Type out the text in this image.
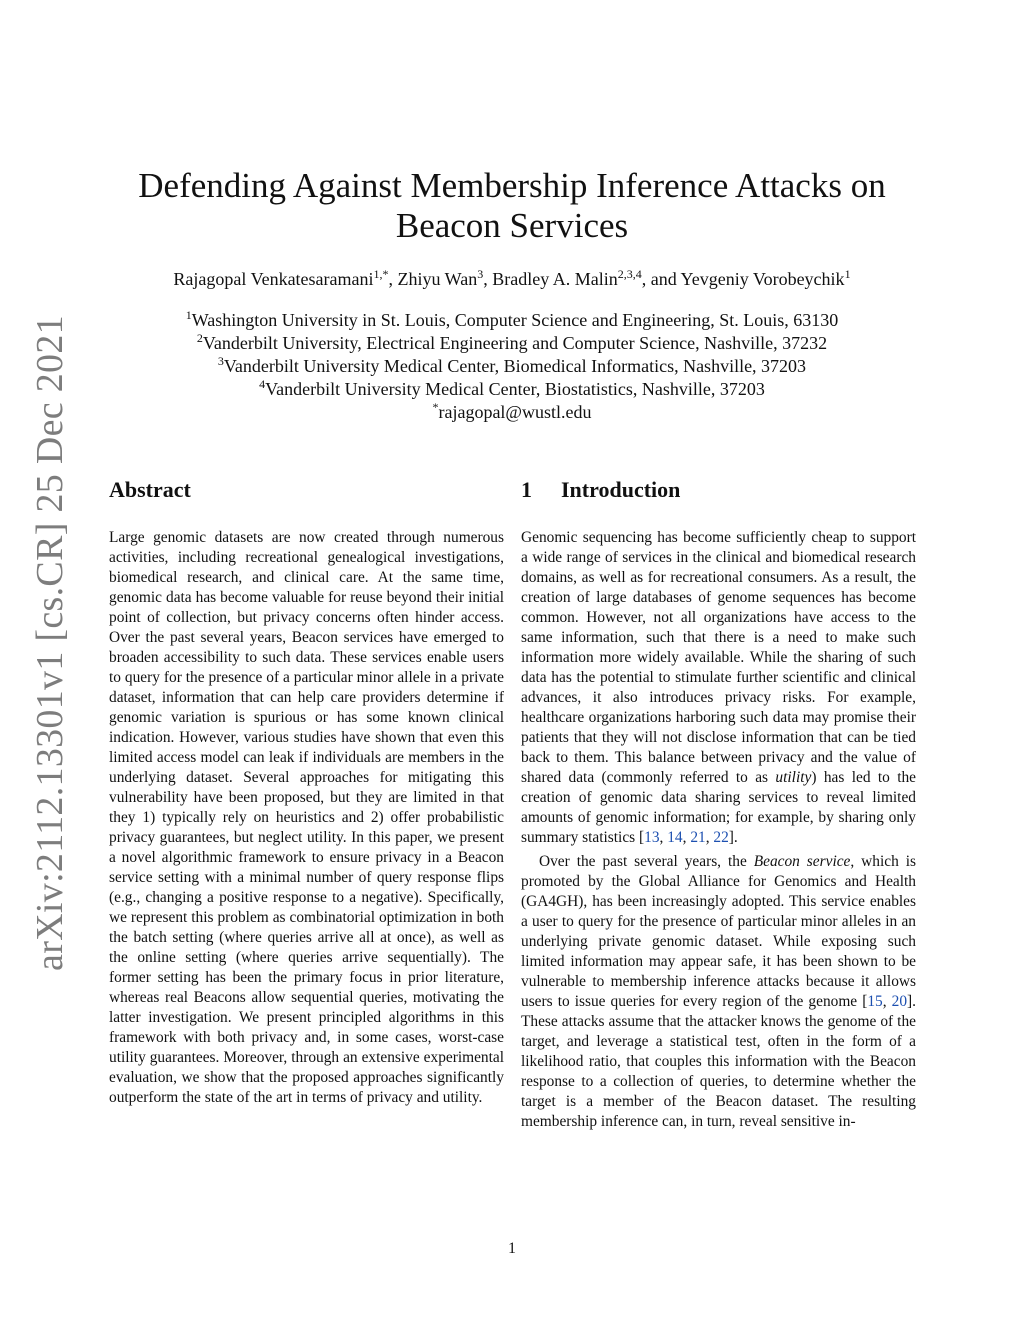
arXiv:2112.13301v1 [cs.CR] 25 Dec 2021
Defending Against Membership Inference Attacks on
Beacon Services
Rajagopal Venkatesaramani$^{1,*}$, Zhiyu Wan$^3$, Bradley A. Malin$^{2,3,4}$, and Yevgeniy Vorobeychik$^1$
$^1$Washington University in St. Louis, Computer Science and Engineering, St. Louis, 63130
$^2$Vanderbilt University, Electrical Engineering and Computer Science, Nashville, 37232
$^3$Vanderbilt University Medical Center, Biomedical Informatics, Nashville, 37203
$^4$Vanderbilt University Medical Center, Biostatistics, Nashville, 37203
*rajagopal@wustl.edu
Abstract

Large genomic datasets are now created through numerous activities, including recreational genealogical investigations, biomedical research, and clinical care. At the same time, genomic data has become valuable for reuse beyond their initial point of collection, but privacy concerns often hinder access. Over the past several years, Beacon services have emerged to broaden accessibility to such data. These services enable users to query for the presence of a particular minor allele in a private dataset, information that can help care providers determine if genomic variation is spurious or has some known clinical indication. However, various studies have shown that even this limited access model can leak if individuals are members in the underlying dataset. Several approaches for mitigating this vulnerability have been proposed, but they are limited in that they 1) typically rely on heuristics and 2) offer probabilistic privacy guarantees, but neglect utility. In this paper, we present a novel algorithmic framework to ensure privacy in a Beacon service setting with a minimal number of query response flips (e.g., changing a positive response to a negative). Specifically, we represent this problem as combinatorial optimization in both the batch setting (where queries arrive all at once), as well as the online setting (where queries arrive sequentially). The former setting has been the primary focus in prior literature, whereas real Beacons allow sequential queries, motivating the latter investigation. We present principled algorithms in this framework with both privacy and, in some cases, worst-case utility guarantees. Moreover, through an extensive experimental evaluation, we show that the proposed approaches significantly outperform the state of the art in terms of privacy and utility.

1 Introduction

Genomic sequencing has become sufficiently cheap to support a wide range of services in the clinical and biomedical research domains, as well as for recreational consumers. As a result, the creation of large databases of genome sequences has become common. However, not all organizations have access to the same information, such that there is a need to make such information more widely available. While the sharing of such data has the potential to stimulate further scientific and clinical advances, it also introduces privacy risks. For example, healthcare organizations harboring such data may promise their patients that they will not disclose information that can be tied back to them. This balance between privacy and the value of shared data (commonly referred to as utility) has led to the creation of genomic data sharing services to reveal limited amounts of genomic information; for example, by sharing only summary statistics [13, 14, 21, 22].

Over the past several years, the Beacon service, which is promoted by the Global Alliance for Genomics and Health (GA4GH), has been increasingly adopted. This service enables a user to query for the presence of particular minor alleles in an underlying private genomic dataset. While exposing such limited information may appear safe, it has been shown to be vulnerable to membership inference attacks because it allows users to issue queries for every region of the genome [15, 20]. These attacks assume that the attacker knows the genome of the target, and leverage a statistical test, often in the form of a likelihood ratio, that couples this information with the Beacon response to a collection of queries, to determine whether the target is a member of the Beacon dataset. The resulting membership inference can, in turn, reveal sensitive in-

1
